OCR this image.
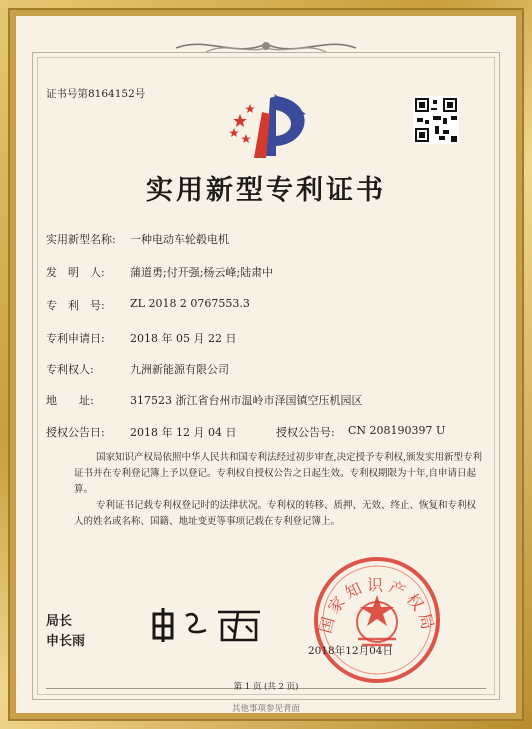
证书号第8164152号
实用新型专利证书
实用新型名称: 一种电动车轮毂电机
发　明　人: 蒲道勇;付开强;杨云峰;陆肃中
专　利　号: ZL 2018 2 0767553.3
专利申请日: 2018 年 05 月 22 日
专利权人:	九洲新能源有限公司
地　　址:	317523 浙江省台州市温岭市泽国镇空压机园区
授权公告日: 2018 年 12 月 04 日	授权公告号: CN 208190397 U
国家知识产权局依照中华人民共和国专利法经过初步审查,决定授予专利权,颁发实用新型专利证书并在专利登记簿上予以登记。专利权自授权公告之日起生效。专利权期限为十年,自申请日起算。
专利证书记载专利权登记时的法律状况。专利权的转移、质押、无效、终止、恢复和专利权人的姓名或名称、国籍、地址变更等事项记载在专利登记簿上。
局长
申长雨
国家知识产权局
2018年12月04日
第 1 页 (共 2 页)
其他事项参见背面
